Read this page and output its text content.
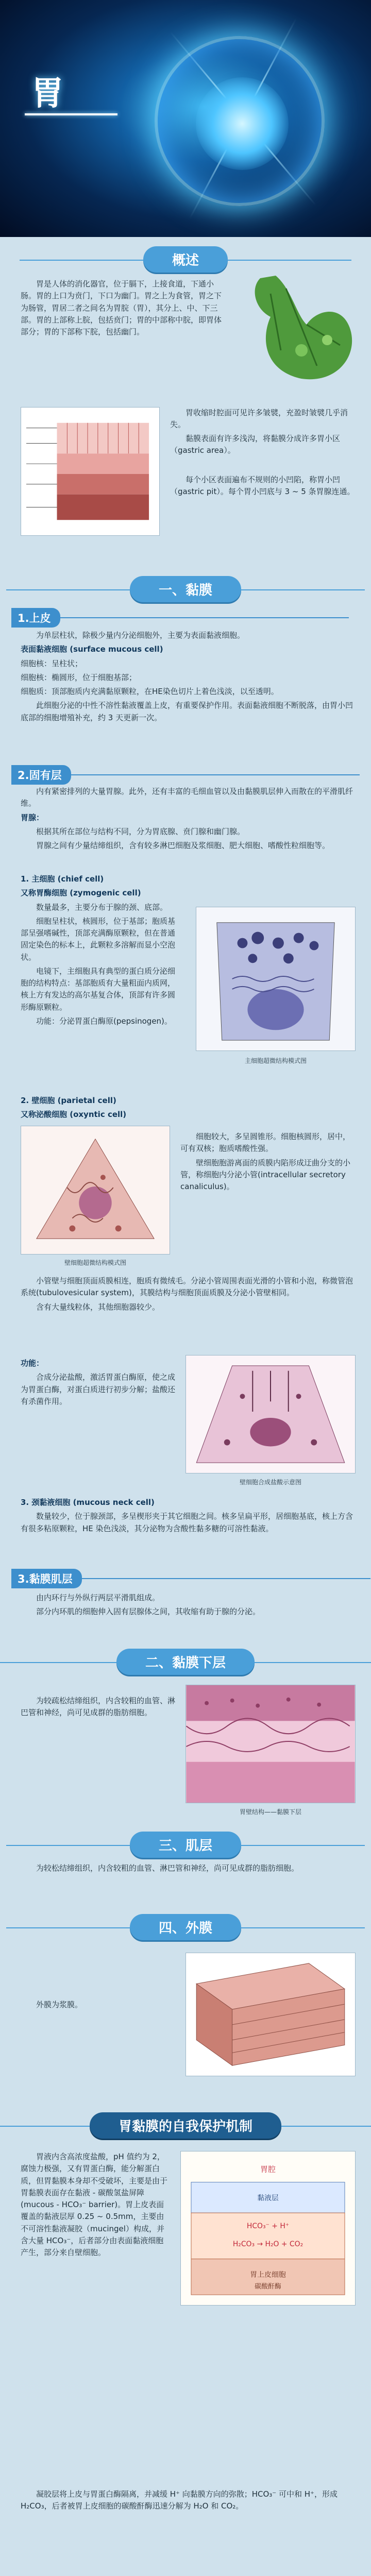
胃
概述
胃是人体的消化器官，位于膈下，上接食道，下通小肠。胃的上口为贲门，下口为幽门。胃之上为食管，胃之下为肠管，胃居二者之间名为胃脘（胃），其分上、中、下三部。胃的上部称上脘，包括贲门；胃的中部称中脘，即胃体部分；胃的下部称下脘，包括幽门。
胃收缩时腔面可见许多皱襞，充盈时皱襞几乎消失。
黏膜表面有许多浅沟，将黏膜分成许多胃小区（gastric area）。
每个小区表面遍布不规则的小凹陷，称胃小凹（gastric pit）。每个胃小凹底与 3 ~ 5 条胃腺连通。
一、黏膜
1.上皮

为单层柱状，除极少量内分泌细胞外，主要为表面黏液细胞。

表面黏液细胞 (surface mucous cell)

细胞核：呈柱状；

细胞核：椭圆形，位于细胞基部；

细胞质：顶部胞质内充满黏原颗粒，在HE染色切片上着色浅淡，以至透明。

此细胞分泌的中性不溶性黏液覆盖上皮，有重要保护作用。表面黏液细胞不断脱落，由胃小凹底部的细胞增殖补充，约 3 天更新一次。

2.固有层

内有紧密排列的大量胃腺。此外，还有丰富的毛细血管以及由黏膜肌层伸入而散在的平滑肌纤维。

胃腺：

根据其所在部位与结构不同，分为胃底腺、贲门腺和幽门腺。

胃腺之间有少量结缔组织，含有较多淋巴细胞及浆细胞、肥大细胞、嗜酸性粒细胞等。

1. 主细胞 (chief cell)

又称胃酶细胞 (zymogenic cell)

数量最多，主要分布于腺的颈、底部。

细胞呈柱状，核圆形，位于基部；胞质基部呈强嗜碱性，顶部充满酶原颗粒，但在普通固定染色的标本上，此颗粒多溶解而显小空泡状。

电镜下，主细胞具有典型的蛋白质分泌细胞的结构特点：基部胞质有大量粗面内质网，核上方有发达的高尔基复合体，顶部有许多圆形酶原颗粒。

功能：分泌胃蛋白酶原(pepsinogen)。

主细胞超微结构模式图

2. 壁细胞 (parietal cell)

又称泌酸细胞 (oxyntic cell)

壁细胞超微结构模式图

细胞较大，多呈圆锥形。细胞核圆形，居中，可有双核；胞质嗜酸性强。

壁细胞胞游离面的质膜内陷形成迂曲分支的小管，称细胞内分泌小管(intracellular secretory canaliculus)。

小管壁与细胞顶面质膜相连，胞质有微绒毛。分泌小管周围表面光滑的小管和小泡，称微管泡系统(tubulovesicular system)，其膜结构与细胞顶面质膜及分泌小管壁相同。

含有大量线粒体，其他细胞器较少。

功能：

合成分泌盐酸，激活胃蛋白酶原，使之成为胃蛋白酶，对蛋白质进行初步分解；盐酸还有杀菌作用。

壁细胞合成盐酸示意图

3. 颈黏液细胞 (mucous neck cell)

数量较少，位于腺颈部，多呈楔形夹于其它细胞之间。核多呈扁平形，居细胞基底，核上方含有很多粘原颗粒，HE 染色浅淡，其分泌物为含酸性黏多糖的可溶性黏液。

3.黏膜肌层

由内环行与外纵行两层平滑肌组成。

部分内环肌的细胞伸入固有层腺体之间，其收缩有助于腺的分泌。

二、黏膜下层
为较疏松结缔组织，内含较粗的血管、淋巴管和神经，尚可见成群的脂肪细胞。
胃壁结构——黏膜下层
三、肌层
为较松结缔组织，内含较粗的血管、淋巴管和神经，尚可见成群的脂肪细胞。
四、外膜
外膜为浆膜。
胃黏膜的自我保护机制
胃液内含高浓度盐酸，pH 值约为 2，腐蚀力极强，又有胃蛋白酶，能分解蛋白质，但胃黏膜本身却不受破坏，主要是由于胃黏膜表面存在黏液 - 碳酸氢盐屏障(mucous - HCO₃⁻ barrier)。胃上皮表面覆盖的黏液层厚 0.25 ~ 0.5mm，主要由不可溶性黏液凝胶（mucingel）构成，并含大量 HCO₃⁻，后者部分由表面黏液细胞产生，部分来自壁细胞。
胃腔
黏液层
HCO₃⁻ + H⁺
H₂CO₃ → H₂O + CO₂
胃上皮细胞
碳酸酐酶
凝胶层将上皮与胃蛋白酶隔离，并减缓 H⁺ 向黏膜方向的弥散；HCO₃⁻ 可中和 H⁺，形成 H₂CO₃，后者被胃上皮细胞的碳酸酐酶迅速分解为 H₂O 和 CO₂。
